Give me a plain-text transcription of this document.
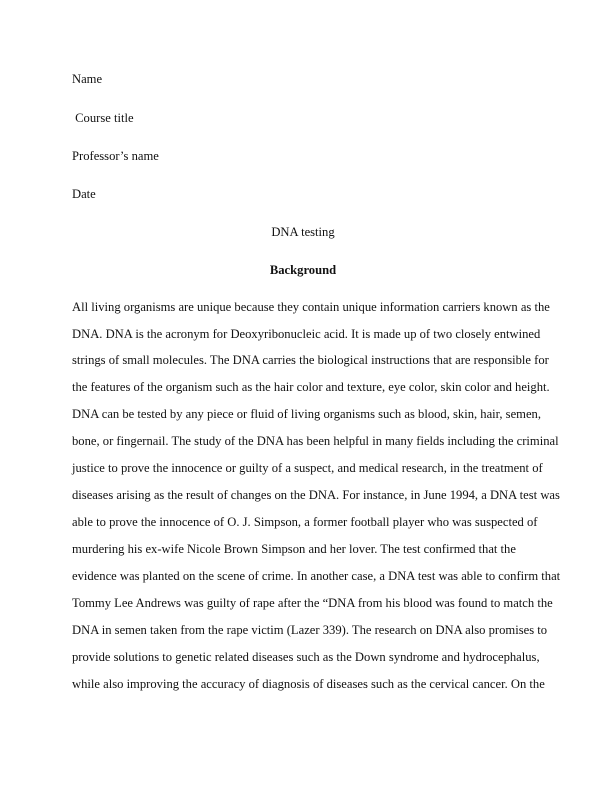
Name
Course title
Professor’s name
Date
DNA testing
Background
All living organisms are unique because they contain unique information carriers known as the
DNA. DNA is the acronym for Deoxyribonucleic acid. It is made up of two closely entwined
strings of small molecules. The DNA carries the biological instructions that are responsible for
the features of the organism such as the hair color and texture, eye color, skin color and height.
DNA can be tested by any piece or fluid of living organisms such as blood, skin, hair, semen,
bone, or fingernail. The study of the DNA has been helpful in many fields including the criminal
justice to prove the innocence or guilty of a suspect, and medical research, in the treatment of
diseases arising as the result of changes on the DNA. For instance, in June 1994, a DNA test was
able to prove the innocence of O. J. Simpson, a former football player who was suspected of
murdering his ex-wife Nicole Brown Simpson and her lover. The test confirmed that the
evidence was planted on the scene of crime. In another case, a DNA test was able to confirm that
Tommy Lee Andrews was guilty of rape after the “DNA from his blood was found to match the
DNA in semen taken from the rape victim (Lazer 339). The research on DNA also promises to
provide solutions to genetic related diseases such as the Down syndrome and hydrocephalus,
while also improving the accuracy of diagnosis of diseases such as the cervical cancer. On the
